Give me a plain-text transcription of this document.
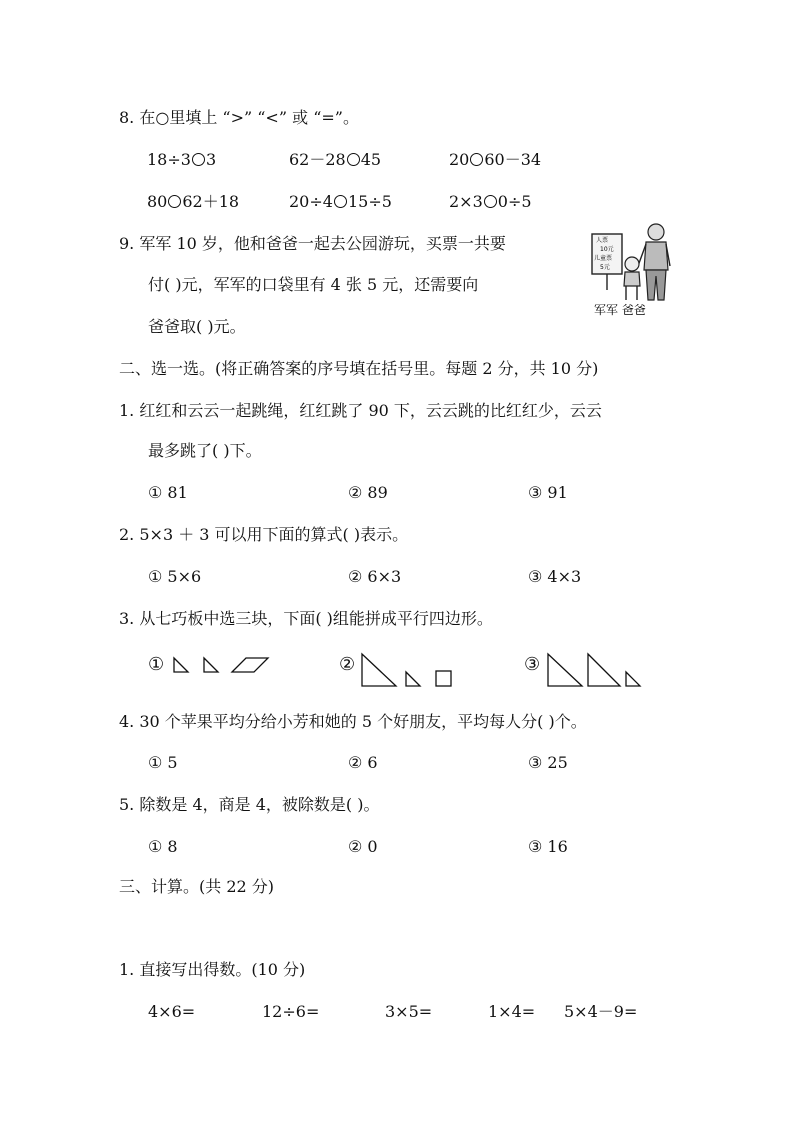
8. 在○里填上 “>” “<” 或 “=”。
18÷3 3	62－28 45	20 60－34
80 62＋18	20÷4 15÷5	2×3 0÷5
9. 军军 10 岁，他和爸爸一起去公园游玩，买票一共要
付( )元，军军的口袋里有 4 张 5 元，还需要向
爸爸取( )元。
人票
10元
儿童票
5元
军军 爸爸
二、选一选。(将正确答案的序号填在括号里。每题 2 分，共 10 分)
1. 红红和云云一起跳绳，红红跳了 90 下，云云跳的比红红少，云云
最多跳了( )下。
① 81	② 89	③ 91
2. 5×3 ＋ 3 可以用下面的算式( )表示。
① 5×6	② 6×3	③ 4×3
3. 从七巧板中选三块，下面( )组能拼成平行四边形。
①	②	③
4. 30 个苹果平均分给小芳和她的 5 个好朋友，平均每人分( )个。
① 5	② 6	③ 25
5. 除数是 4，商是 4，被除数是( )。
① 8	② 0	③ 16
三、计算。(共 22 分)
1. 直接写出得数。(10 分)
4×6=	12÷6=	3×5=	1×4= 5×4－9=
